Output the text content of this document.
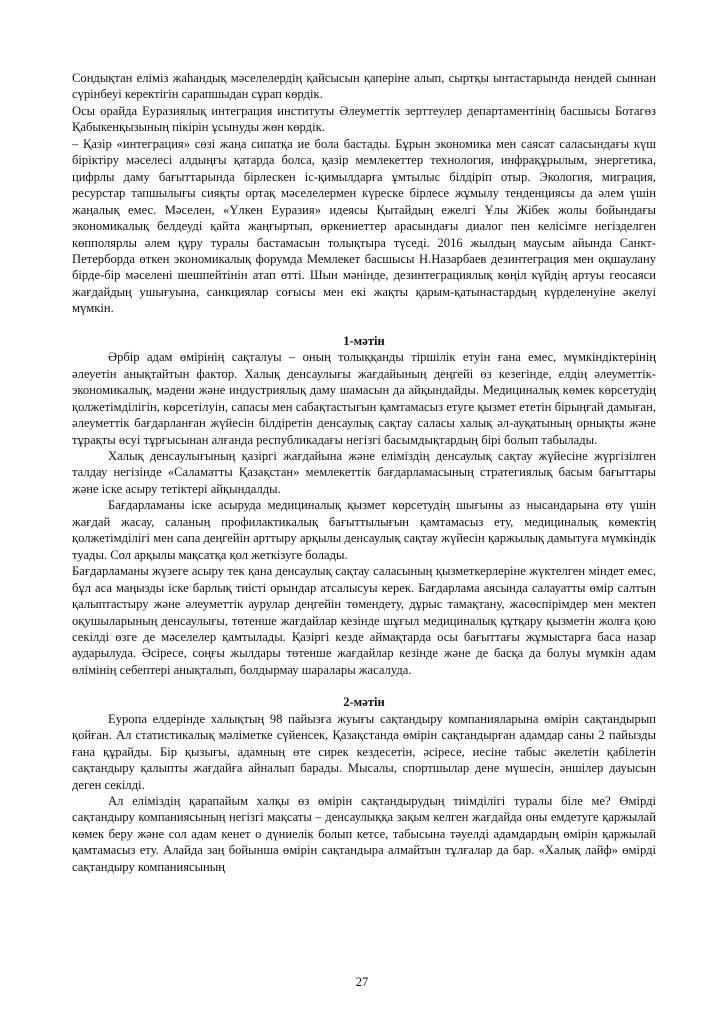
Сондықтан еліміз жаһандық мәселелердің қайсысын қаперіне алып, сыртқы ынтастарында нендей сыннан сүрінбеуі керектігін сарапшыдан сұрап көрдік.

Осы орайда Еуразиялық интеграция институты Әлеуметтік зерттеулер департаментінің басшысы Ботагөз Қабыкенқызының пікірін ұсынуды жөн көрдік.

– Қазір «интеграция» сөзі жаңа сипатқа ие бола бастады. Бұрын экономика мен саясат саласындағы күш біріктіру мәселесі алдыңғы қатарда болса, қазір мемлекеттер технология, инфрақұрылым, энергетика, цифрлы даму бағыттарында бірлескен іс-қимылдарға ұмтылыс білдіріп отыр. Экология, миграция, ресурстар тапшылығы сияқты ортақ мәселелермен күреске бірлесе жұмылу тенденциясы да әлем үшін жаңалық емес. Мәселен, «Үлкен Еуразия» идеясы Қытайдың ежелгі Ұлы Жібек жолы бойындағы экономикалық белдеуді қайта жаңғыртып, өркениеттер арасындағы диалог пен келісімге негізделген көпполярлы әлем құру туралы бастамасын толықтыра түседі. 2016 жылдың маусым айында Санкт-Петерборда өткен экономикалық форумда Мемлекет басшысы Н.Назарбаев дезинтеграция мен оқшаулану бірде-бір мәселені шешпейтінін атап өтті. Шын мәнінде, дезинтеграциялық көңіл күйдің артуы геосаяси жағдайдың ушығуына, санкциялар соғысы мен екі жақты қарым-қатынастардың күрделенуіне әкелуі мүмкін.

1-мәтін

Әрбір адам өмірінің сақталуы – оның толыққанды тіршілік етуін ғана емес, мүмкіндіктерінің әлеуетін анықтайтын фактор. Халық денсаулығы жағдайының деңгейі өз кезегінде, елдің әлеуметтік-экономикалық, мәдени және индустриялық даму шамасын да айқындайды. Медициналық көмек көрсетудің қолжетімділігін, көрсетілуін, сапасы мен сабақтастығын қамтамасыз етуге қызмет ететін бірыңғай дамыған, әлеуметтік бағдарланған жүйесін білдіретін денсаулық сақтау саласы халық әл-ауқатының орнықты және тұрақты өсуі тұрғысынан алғанда республикадағы негізгі басымдықтардың бірі болып табылады.

Халық денсаулығының қазіргі жағдайына және еліміздің денсаулық сақтау жүйесіне жүргізілген талдау негізінде «Саламатты Қазақстан» мемлекеттік бағдарламасының стратегиялық басым бағыттары және іске асыру тетіктері айқындалды.

Бағдарламаны іске асыруда медициналық қызмет көрсетудің шығыны аз нысандарына өту үшін жағдай жасау, саланың профилактикалық бағыттылығын қамтамасыз ету, медициналық көмектің қолжетімділігі мен сапа деңгейін арттыру арқылы денсаулық сақтау жүйесін қаржылық дамытуға мүмкіндік туады. Сол арқылы мақсатқа қол жеткізуге болады.

Бағдарламаны жүзеге асыру тек қана денсаулық сақтау саласының қызметкерлеріне жүктелген міндет емес, бұл аса маңызды іске барлық тиісті орындар атсалысуы керек. Бағдарлама аясында салауатты өмір салтын қалыптастыру және әлеуметтік аурулар деңгейін төмендету, дұрыс тамақтану, жасөспірімдер мен мектеп оқушыларының денсаулығы, төтенше жағдайлар кезінде шұғыл медициналық құтқару қызметін жолға қою секілді өзге де мәселелер қамтылады. Қазіргі кезде аймақтарда осы бағыттағы жұмыстарға баса назар аударылуда. Әсіресе, соңғы жылдары төтенше жағдайлар кезінде және де басқа да болуы мүмкін адам өлімінің себептері анықталып, болдырмау шаралары жасалуда.

2-мәтін

Еуропа елдерінде халықтың 98 пайызға жуығы сақтандыру компанияларына өмірін сақтандырып қойған. Ал статистикалық мәліметке сүйенсек, Қазақстанда өмірін сақтандырған адамдар саны 2 пайызды ғана құрайды. Бір қызығы, адамның өте сирек кездесетін, әсіресе, иесіне табыс әкелетін қабілетін сақтандыру қалыпты жағдайға айналып барады. Мысалы, спортшылар дене мүшесін, әншілер дауысын деген секілді.

Ал еліміздің қарапайым халқы өз өмірін сақтандырудың тиімділігі туралы біле ме? Өмірді сақтандыру компаниясының негізгі мақсаты – денсаулыққа зақым келген жағдайда оны емдетуге қаржылай көмек беру және сол адам кенет о дүниелік болып кетсе, табысына тәуелді адамдардың өмірін қаржылай қамтамасыз ету. Алайда заң бойынша өмірін сақтандыра алмайтын тұлғалар да бар. «Халық лайф» өмірді сақтандыру компаниясының

27
